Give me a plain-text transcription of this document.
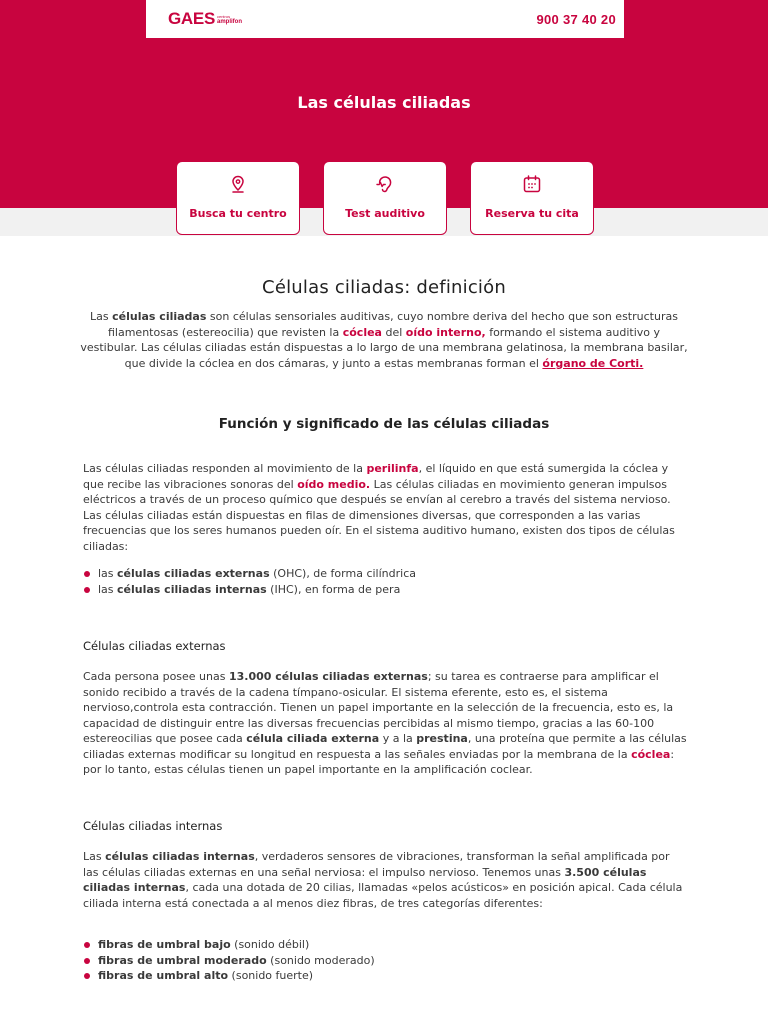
GAES centros
amplifon	900 37 40 20
Las células ciliadas
Busca tu centro	Test auditivo	Reserva tu cita
Células ciliadas: definición

Las células ciliadas son células sensoriales auditivas, cuyo nombre deriva del hecho que son estructuras filamentosas (estereocilia) que revisten la cóclea del oído interno, formando el sistema auditivo y vestibular. Las células ciliadas están dispuestas a lo largo de una membrana gelatinosa, la membrana basilar, que divide la cóclea en dos cámaras, y junto a estas membranas forman el órgano de Corti.

Función y significado de las células ciliadas

Las células ciliadas responden al movimiento de la perilinfa, el líquido en que está sumergida la cóclea y que recibe las vibraciones sonoras del oído medio. Las células ciliadas en movimiento generan impulsos eléctricos a través de un proceso químico que después se envían al cerebro a través del sistema nervioso. Las células ciliadas están dispuestas en filas de dimensiones diversas, que corresponden a las varias frecuencias que los seres humanos pueden oír. En el sistema auditivo humano, existen dos tipos de células ciliadas:

las células ciliadas externas (OHC), de forma cilíndrica
las células ciliadas internas (IHC), en forma de pera
Células ciliadas externas

Cada persona posee unas 13.000 células ciliadas externas; su tarea es contraerse para amplificar el sonido recibido a través de la cadena tímpano-osicular. El sistema eferente, esto es, el sistema nervioso,controla esta contracción. Tienen un papel importante en la selección de la frecuencia, esto es, la capacidad de distinguir entre las diversas frecuencias percibidas al mismo tiempo, gracias a las 60-100 estereocilias que posee cada célula ciliada externa y a la prestina, una proteína que permite a las células ciliadas externas modificar su longitud en respuesta a las señales enviadas por la membrana de la cóclea: por lo tanto, estas células tienen un papel importante en la amplificación coclear.

Células ciliadas internas

Las células ciliadas internas, verdaderos sensores de vibraciones, transforman la señal amplificada por las células ciliadas externas en una señal nerviosa: el impulso nervioso. Tenemos unas 3.500 células ciliadas internas, cada una dotada de 20 cilias, llamadas «pelos acústicos» en posición apical. Cada célula ciliada interna está conectada a al menos diez fibras, de tres categorías diferentes:

fibras de umbral bajo (sonido débil)
fibras de umbral moderado (sonido moderado)
fibras de umbral alto (sonido fuerte)
